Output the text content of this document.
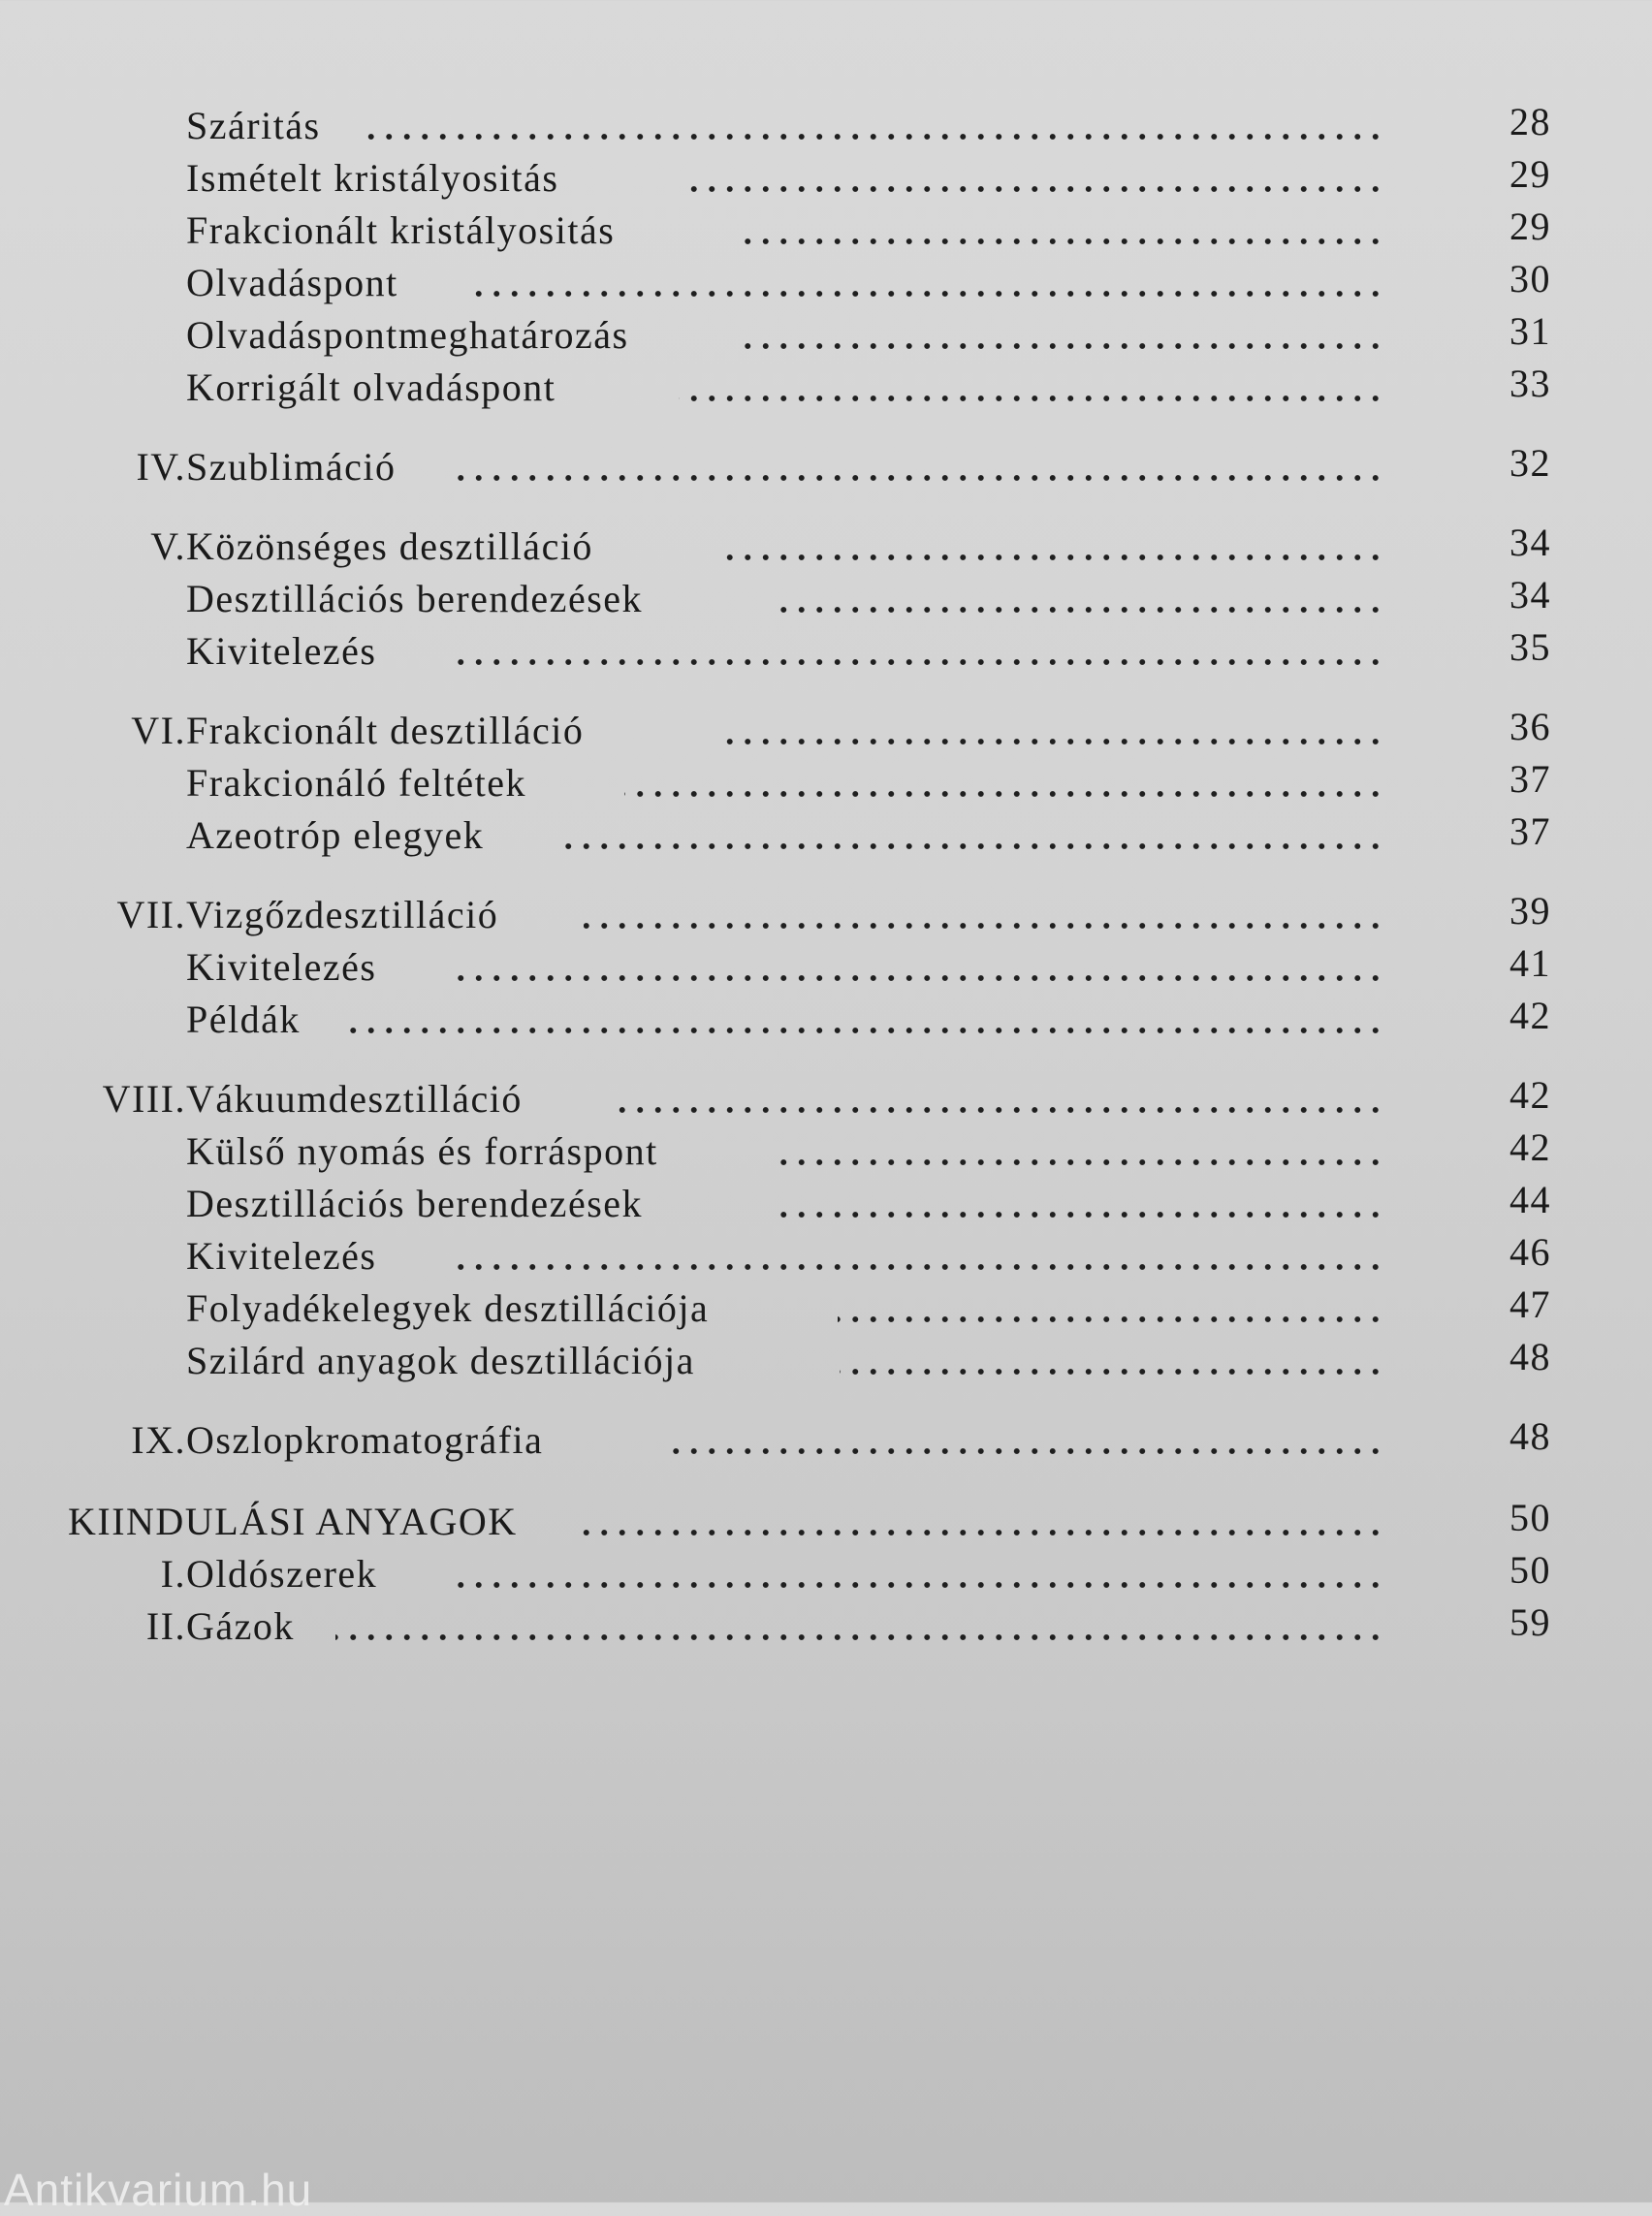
Száritás	28
Ismételt kristályositás	29
Frakcionált kristályositás	29
Olvadáspont	30
Olvadáspontmeghatározás	31
Korrigált olvadáspont	33
IV. Szublimáció	32
V. Közönséges desztilláció	34
Desztillációs berendezések	34
Kivitelezés	35
VI. Frakcionált desztilláció	36
Frakcionáló feltétek	37
Azeotróp elegyek	37
VII. Vizgőzdesztilláció	39
Kivitelezés	41
Példák	42
VIII. Vákuumdesztilláció	42
Külső nyomás és forráspont	42
Desztillációs berendezések	44
Kivitelezés	46
Folyadékelegyek desztillációja	47
Szilárd anyagok desztillációja	48
IX. Oszlopkromatográfia	48
KIINDULÁSI ANYAGOK	50
I. Oldószerek	50
II. Gázok	59
Antikvarium.hu
